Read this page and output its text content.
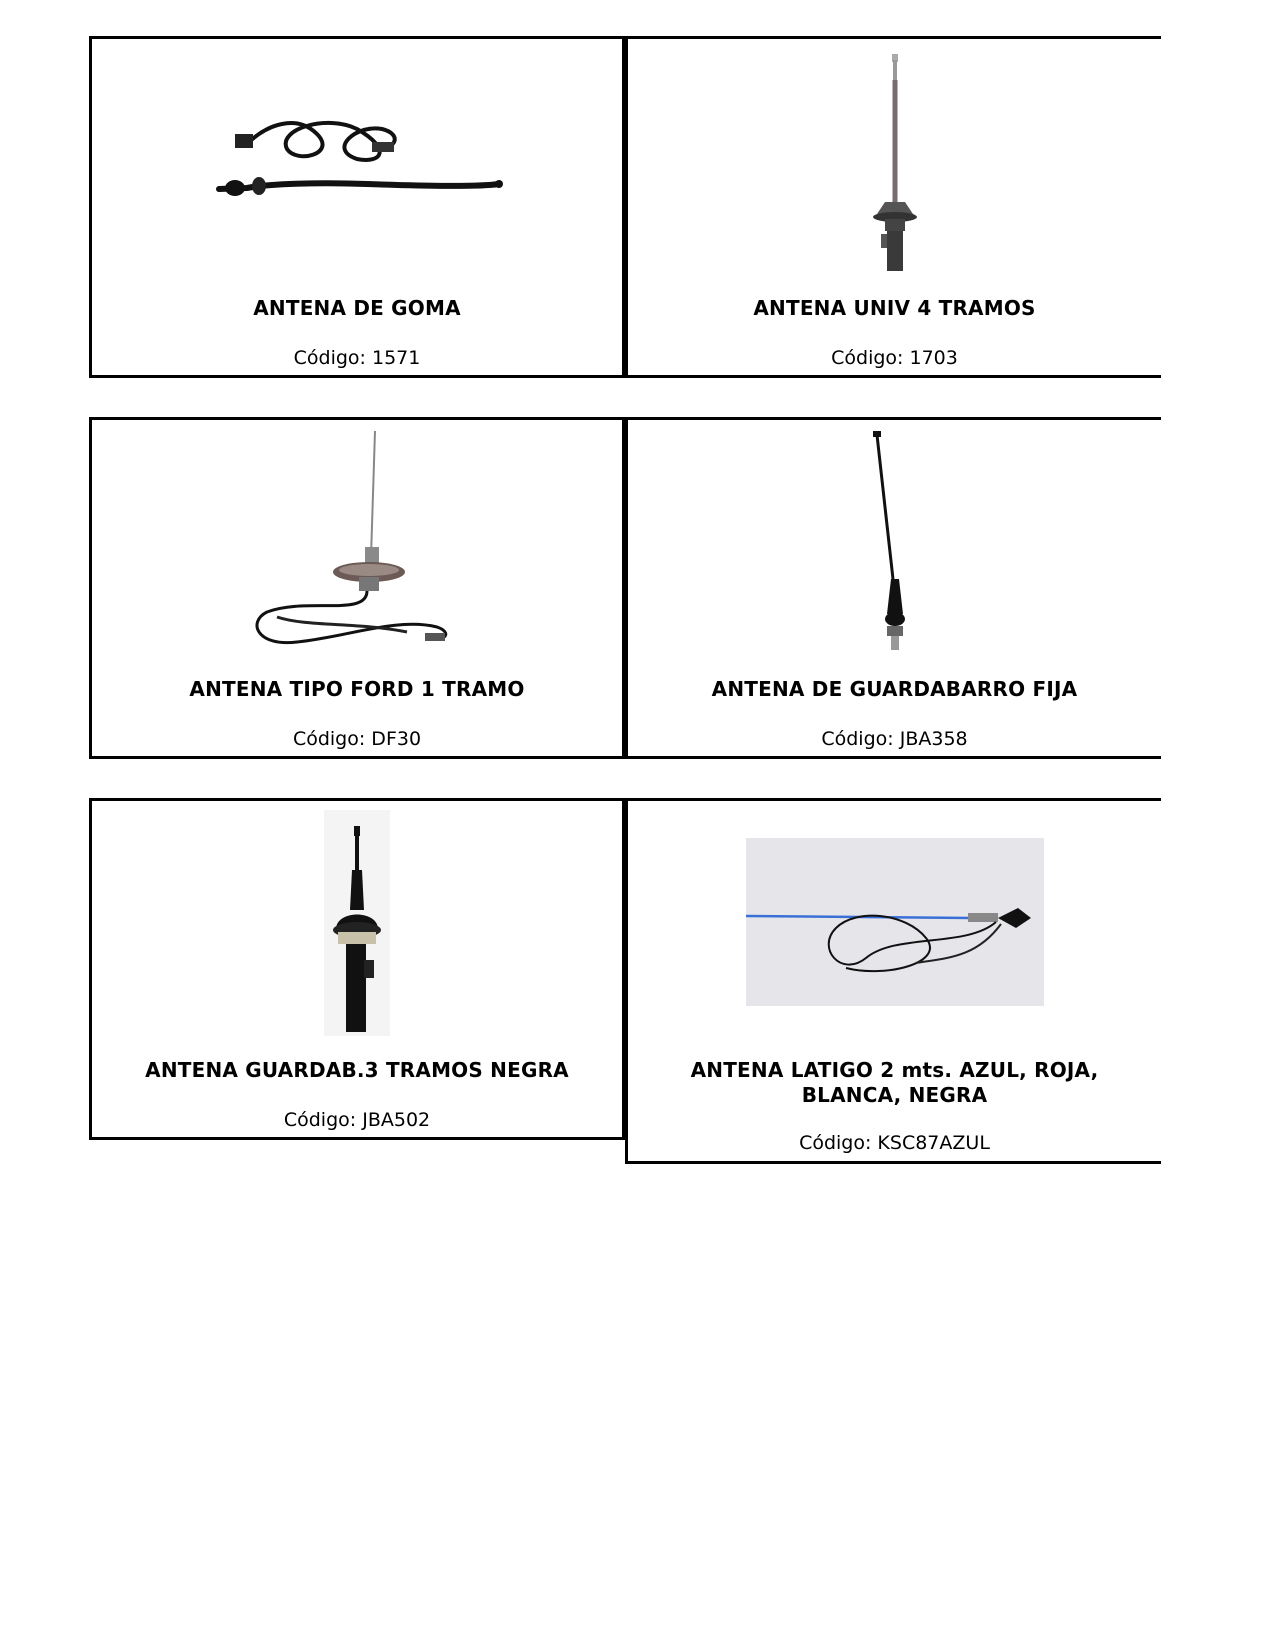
ANTENA DE GOMA
Código: 1571
ANTENA UNIV 4 TRAMOS
Código: 1703
ANTENA TIPO FORD 1 TRAMO
Código: DF30
ANTENA DE GUARDABARRO FIJA
Código: JBA358
ANTENA GUARDAB.3 TRAMOS NEGRA
Código: JBA502
ANTENA LATIGO 2 mts. AZUL, ROJA, BLANCA, NEGRA
Código: KSC87AZUL
